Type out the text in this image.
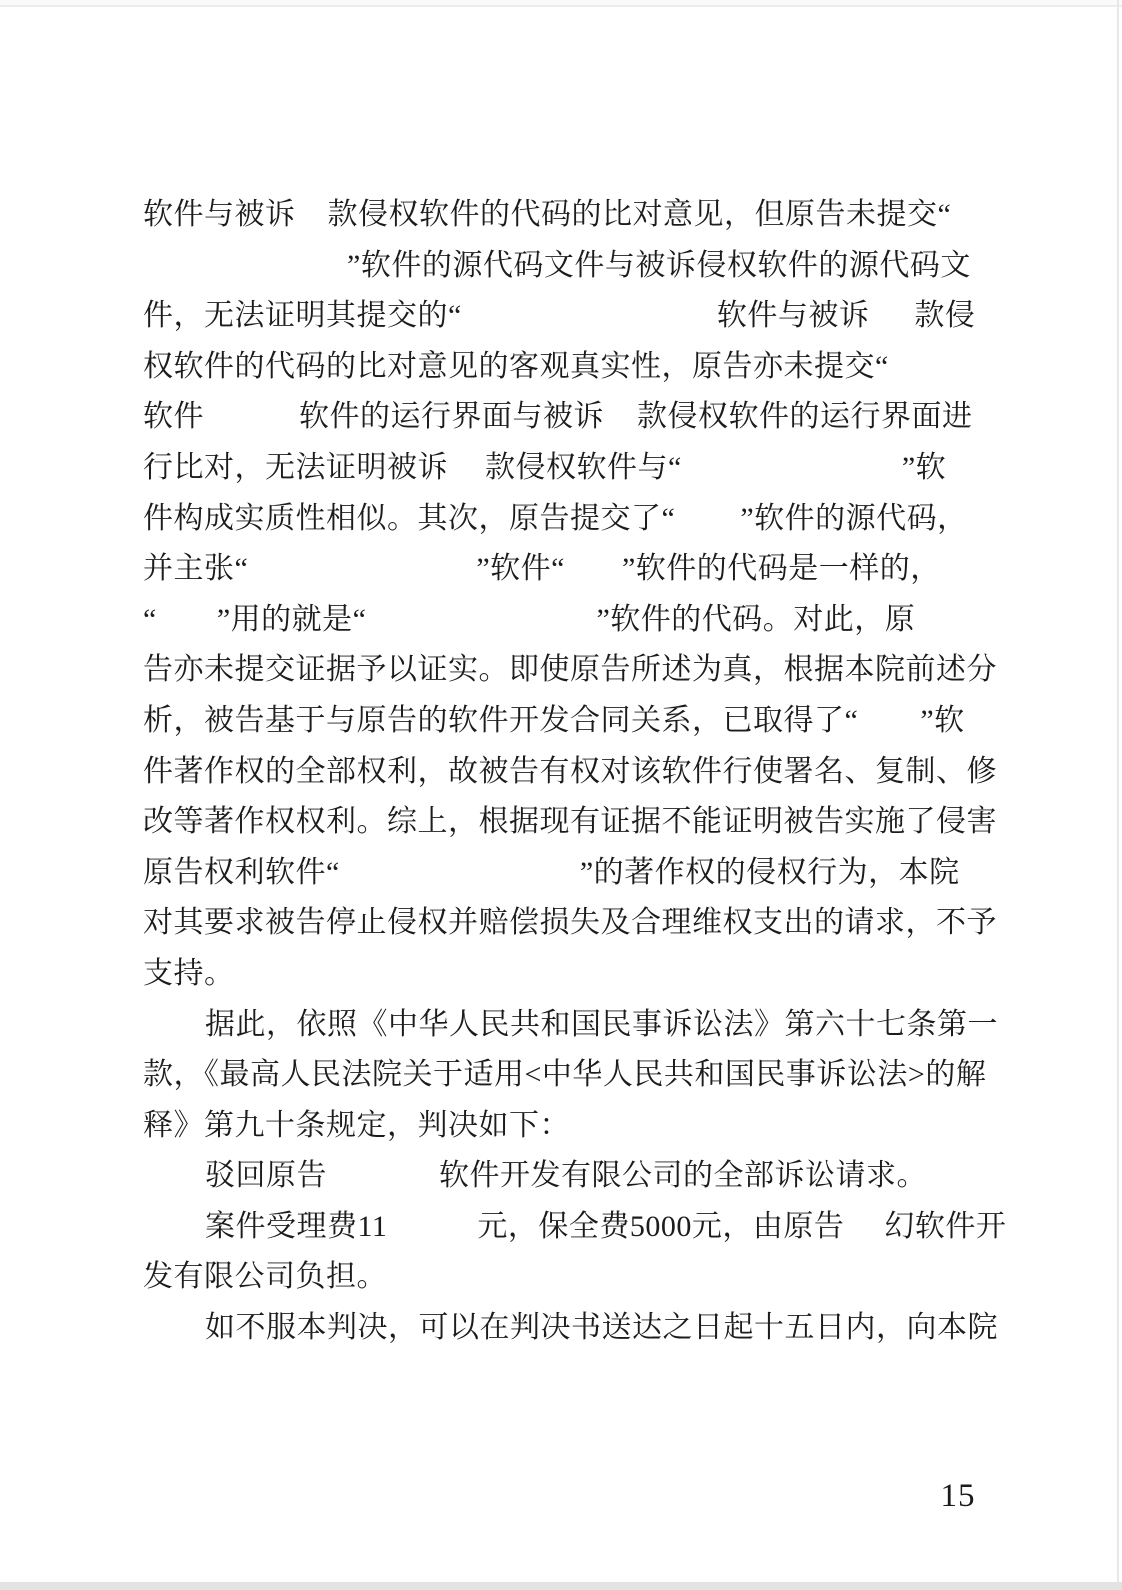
软件与被诉 款侵权软件的代码的比对意见，但原告未提交“
”软件的源代码文件与被诉侵权软件的源代码文
件，无法证明其提交的“	软件与被诉 款侵
权软件的代码的比对意见的客观真实性，原告亦未提交“
软件	软件的运行界面与被诉 款侵权软件的运行界面进
行比对，无法证明被诉 款侵权软件与“	”软
件构成实质性相似。其次，原告提交了“ ”软件的源代码，
并主张“	”软件“ ”软件的代码是一样的，
“ ”用的就是“	”软件的代码。对此，原
告亦未提交证据予以证实。即使原告所述为真，根据本院前述分
析，被告基于与原告的软件开发合同关系，已取得了“ ”软
件著作权的全部权利，故被告有权对该软件行使署名、复制、修
改等著作权权利。综上，根据现有证据不能证明被告实施了侵害
原告权利软件“	”的著作权的侵权行为，本院
对其要求被告停止侵权并赔偿损失及合理维权支出的请求，不予
支持。
据此，依照《中华人民共和国民事诉讼法》第六十七条第一
款，《最高人民法院关于适用<中华人民共和国民事诉讼法>的解
释》第九十条规定，判决如下：
驳回原告	软件开发有限公司的全部诉讼请求。
案件受理费11	元，保全费5000元，由原告 幻软件开
发有限公司负担。
如不服本判决，可以在判决书送达之日起十五日内，向本院
15
